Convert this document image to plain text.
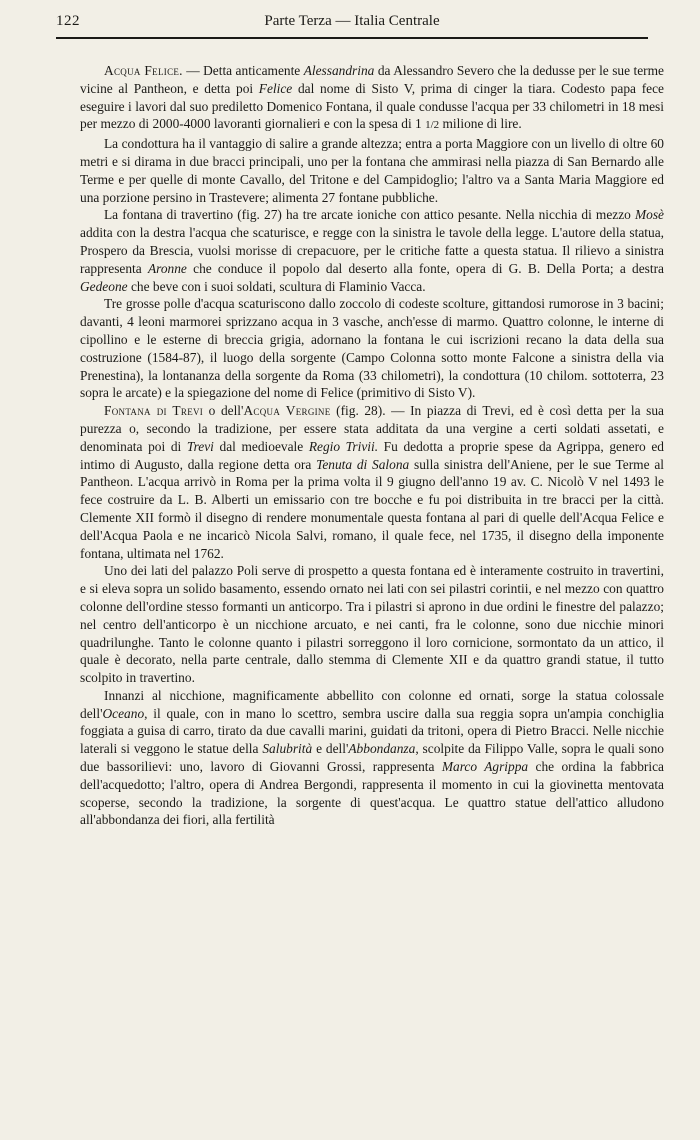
122	Parte Terza — Italia Centrale

Acqua Felice. — Detta anticamente Alessandrina da Alessandro Severo che la dedusse per le sue terme vicine al Pantheon, e detta poi Felice dal nome di Sisto V, prima di cinger la tiara. Codesto papa fece eseguire i lavori dal suo prediletto Domenico Fontana, il quale condusse l'acqua per 33 chilometri in 18 mesi per mezzo di 2000-4000 lavoranti giornalieri e con la spesa di 1 1/2 milione di lire.

La condottura ha il vantaggio di salire a grande altezza; entra a porta Maggiore con un livello di oltre 60 metri e si dirama in due bracci principali, uno per la fontana che ammirasi nella piazza di San Bernardo alle Terme e per quelle di monte Cavallo, del Tritone e del Campidoglio; l'altro va a Santa Maria Maggiore ed una porzione persino in Trastevere; alimenta 27 fontane pubbliche.

La fontana di travertino (fig. 27) ha tre arcate ioniche con attico pesante. Nella nicchia di mezzo Mosè addita con la destra l'acqua che scaturisce, e regge con la sinistra le tavole della legge. L'autore della statua, Prospero da Brescia, vuolsi morisse di crepacuore, per le critiche fatte a questa statua. Il rilievo a sinistra rappresenta Aronne che conduce il popolo dal deserto alla fonte, opera di G. B. Della Porta; a destra Gedeone che beve con i suoi soldati, scultura di Flaminio Vacca.

Tre grosse polle d'acqua scaturiscono dallo zoccolo di codeste scolture, gittandosi rumorose in 3 bacini; davanti, 4 leoni marmorei sprizzano acqua in 3 vasche, anch'esse di marmo. Quattro colonne, le interne di cipollino e le esterne di breccia grigia, adornano la fontana le cui iscrizioni recano la data della sua costruzione (1584-87), il luogo della sorgente (Campo Colonna sotto monte Falcone a sinistra della via Prenestina), la lontananza della sorgente da Roma (33 chilometri), la condottura (10 chilom. sottoterra, 23 sopra le arcate) e la spiegazione del nome di Felice (primitivo di Sisto V).

Fontana di Trevi o dell'Acqua Vergine (fig. 28). — In piazza di Trevi, ed è così detta per la sua purezza o, secondo la tradizione, per essere stata additata da una vergine a certi soldati assetati, e denominata poi di Trevi dal medioevale Regio Trivii. Fu dedotta a proprie spese da Agrippa, genero ed intimo di Augusto, dalla regione detta ora Tenuta di Salona sulla sinistra dell'Aniene, per le sue Terme al Pantheon. L'acqua arrivò in Roma per la prima volta il 9 giugno dell'anno 19 av. C. Nicolò V nel 1493 le fece costruire da L. B. Alberti un emissario con tre bocche e fu poi distribuita in tre bracci per la città. Clemente XII formò il disegno di rendere monumentale questa fontana al pari di quelle dell'Acqua Felice e dell'Acqua Paola e ne incaricò Nicola Salvi, romano, il quale fece, nel 1735, il disegno della imponente fontana, ultimata nel 1762.

Uno dei lati del palazzo Poli serve di prospetto a questa fontana ed è interamente costruito in travertini, e si eleva sopra un solido basamento, essendo ornato nei lati con sei pilastri corintii, e nel mezzo con quattro colonne dell'ordine stesso formanti un anticorpo. Tra i pilastri si aprono in due ordini le finestre del palazzo; nel centro dell'anticorpo è un nicchione arcuato, e nei canti, fra le colonne, sono due nicchie minori quadrilunghe. Tanto le colonne quanto i pilastri sorreggono il loro cornicione, sormontato da un attico, il quale è decorato, nella parte centrale, dallo stemma di Clemente XII e da quattro grandi statue, il tutto scolpito in travertino.

Innanzi al nicchione, magnificamente abbellito con colonne ed ornati, sorge la statua colossale dell'Oceano, il quale, con in mano lo scettro, sembra uscire dalla sua reggia sopra un'ampia conchiglia foggiata a guisa di carro, tirato da due cavalli marini, guidati da tritoni, opera di Pietro Bracci. Nelle nicchie laterali si veggono le statue della Salubrità e dell'Abbondanza, scolpite da Filippo Valle, sopra le quali sono due bassorilievi: uno, lavoro di Giovanni Grossi, rappresenta Marco Agrippa che ordina la fabbrica dell'acquedotto; l'altro, opera di Andrea Bergondi, rappresenta il momento in cui la giovinetta mentovata scoperse, secondo la tradizione, la sorgente di quest'acqua. Le quattro statue dell'attico alludono all'abbondanza dei fiori, alla fertilità
